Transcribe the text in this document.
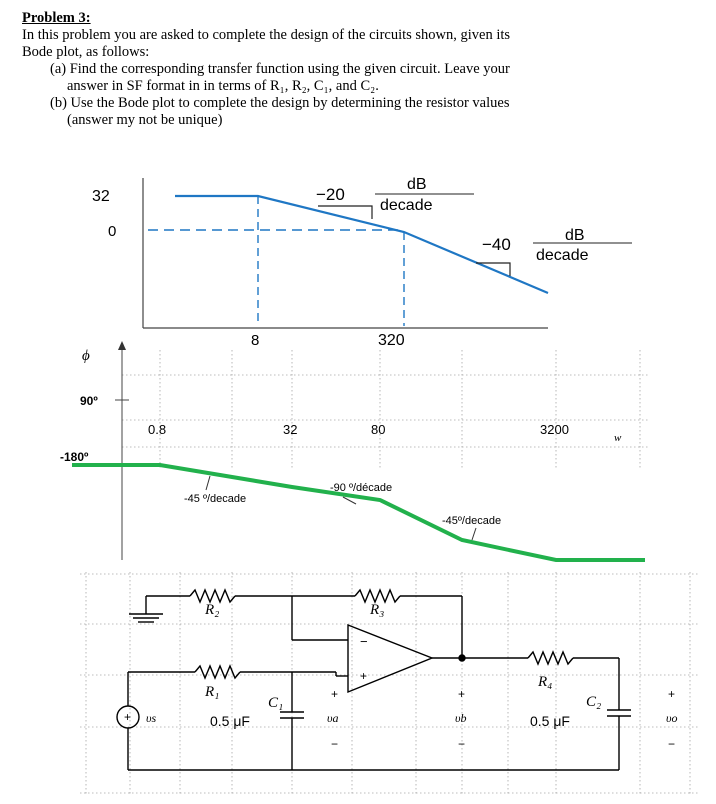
Problem 3:
In this problem you are asked to complete the design of the circuits shown, given its
Bode plot, as follows:
(a) Find the corresponding transfer function using the given circuit. Leave your
answer in SF format in in terms of R₁, R₂, C₁, and C₂.
(b) Use the Bode plot to complete the design by determining the resistor values
(answer my not be unique)
32
0
8	320
−20
dB
decade
−40	dB
decade
ϕ
90º
-180º
0.8	32	80	3200
w
-45 º/decade
-90 º/décade
-45º/decade
−
+
+
R₂	R₃
R₁
C₁
0.5 μF
R₄
C₂
0.5 μF
υs
+
υa
−
+
υb
−
+
υo
−
